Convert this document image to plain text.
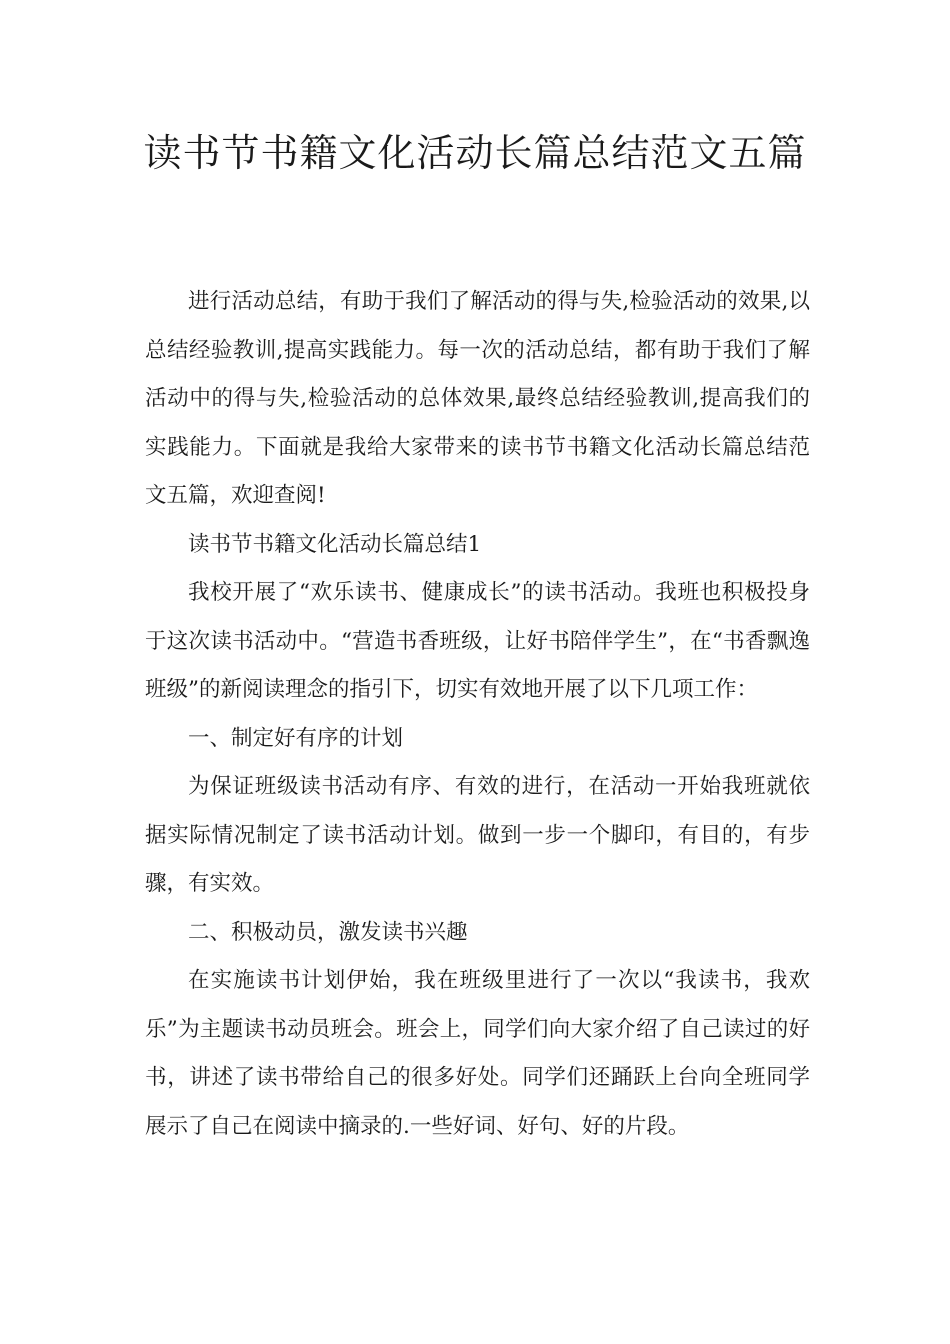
读书节书籍文化活动长篇总结范文五篇

进行活动总结，有助于我们了解活动的得与失,检验活动的效果,以总结经验教训,提高实践能力。每一次的活动总结，都有助于我们了解活动中的得与失,检验活动的总体效果,最终总结经验教训,提高我们的实践能力。下面就是我给大家带来的读书节书籍文化活动长篇总结范文五篇，欢迎查阅!

读书节书籍文化活动长篇总结1

我校开展了“欢乐读书、健康成长”的读书活动。我班也积极投身于这次读书活动中。“营造书香班级，让好书陪伴学生”，在“书香飘逸班级”的新阅读理念的指引下，切实有效地开展了以下几项工作：

一、制定好有序的计划

为保证班级读书活动有序、有效的进行，在活动一开始我班就依据实际情况制定了读书活动计划。做到一步一个脚印，有目的，有步骤，有实效。

二、积极动员，激发读书兴趣

在实施读书计划伊始，我在班级里进行了一次以“我读书，我欢乐”为主题读书动员班会。班会上，同学们向大家介绍了自己读过的好书，讲述了读书带给自己的很多好处。同学们还踊跃上台向全班同学展示了自己在阅读中摘录的.一些好词、好句、好的片段。
